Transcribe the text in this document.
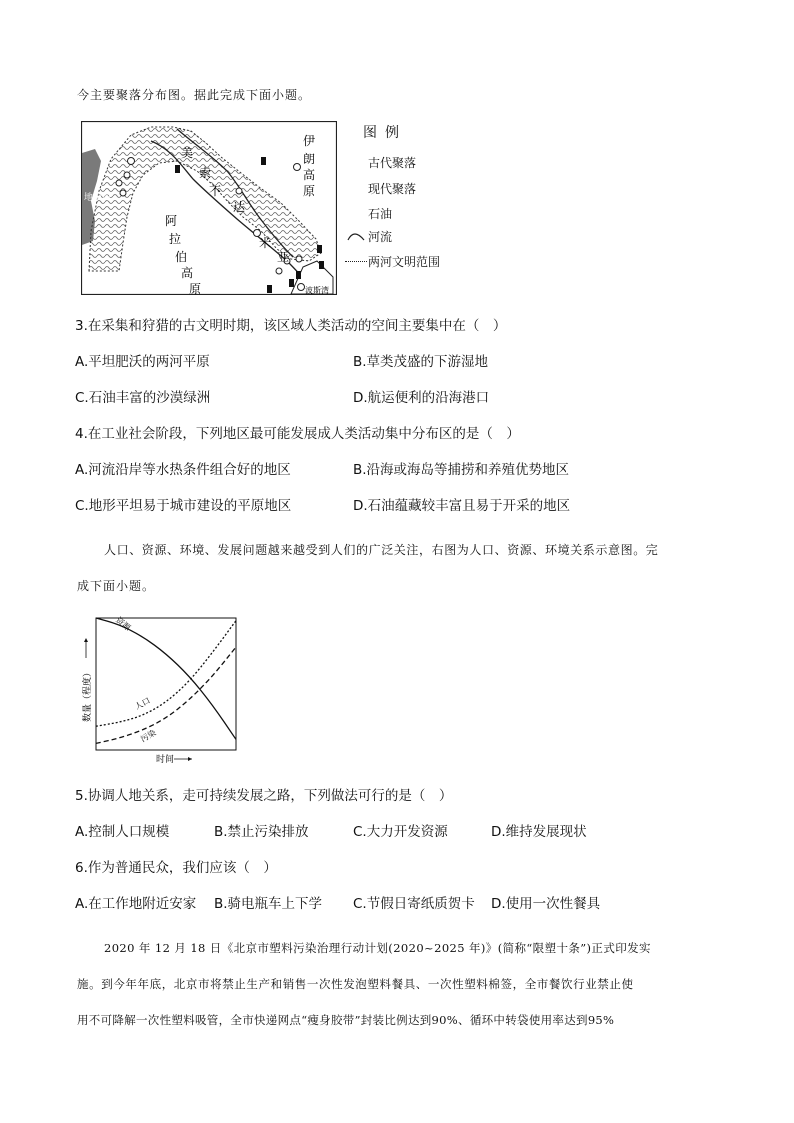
今主要聚落分布图。据此完成下面小题。
地中海
美
索
不
达
米
亚
阿
拉
伯
高
原
伊
朗
高
原
波斯湾
图例
古代聚落
现代聚落
石油
河流
两河文明范围
3.在采集和狩猎的古文明时期，该区域人类活动的空间主要集中在（　）
A.平坦肥沃的两河平原	B.草类茂盛的下游湿地
C.石油丰富的沙漠绿洲	D.航运便利的沿海港口
4.在工业社会阶段，下列地区最可能发展成人类活动集中分布区的是（　）
A.河流沿岸等水热条件组合好的地区	B.沿海或海岛等捕捞和养殖优势地区
C.地形平坦易于城市建设的平原地区	D.石油蕴藏较丰富且易于开采的地区
人口、资源、环境、发展问题越来越受到人们的广泛关注，右图为人口、资源、环境关系示意图。完
成下面小题。
资源
人口
污染
时间
数量（程度）
5.协调人地关系，走可持续发展之路，下列做法可行的是（　）
A.控制人口规模	B.禁止污染排放	C.大力开发资源	D.维持发展现状
6.作为普通民众，我们应该（　）
A.在工作地附近安家 B.骑电瓶车上下学 C.节假日寄纸质贺卡 D.使用一次性餐具
2020 年 12 月 18 日《北京市塑料污染治理行动计划(2020~2025 年)》(简称“限塑十条”)正式印发实
施。到今年年底，北京市将禁止生产和销售一次性发泡塑料餐具、一次性塑料棉签，全市餐饮行业禁止使
用不可降解一次性塑料吸管，全市快递网点“瘦身胶带”封装比例达到90%、循环中转袋使用率达到95%
